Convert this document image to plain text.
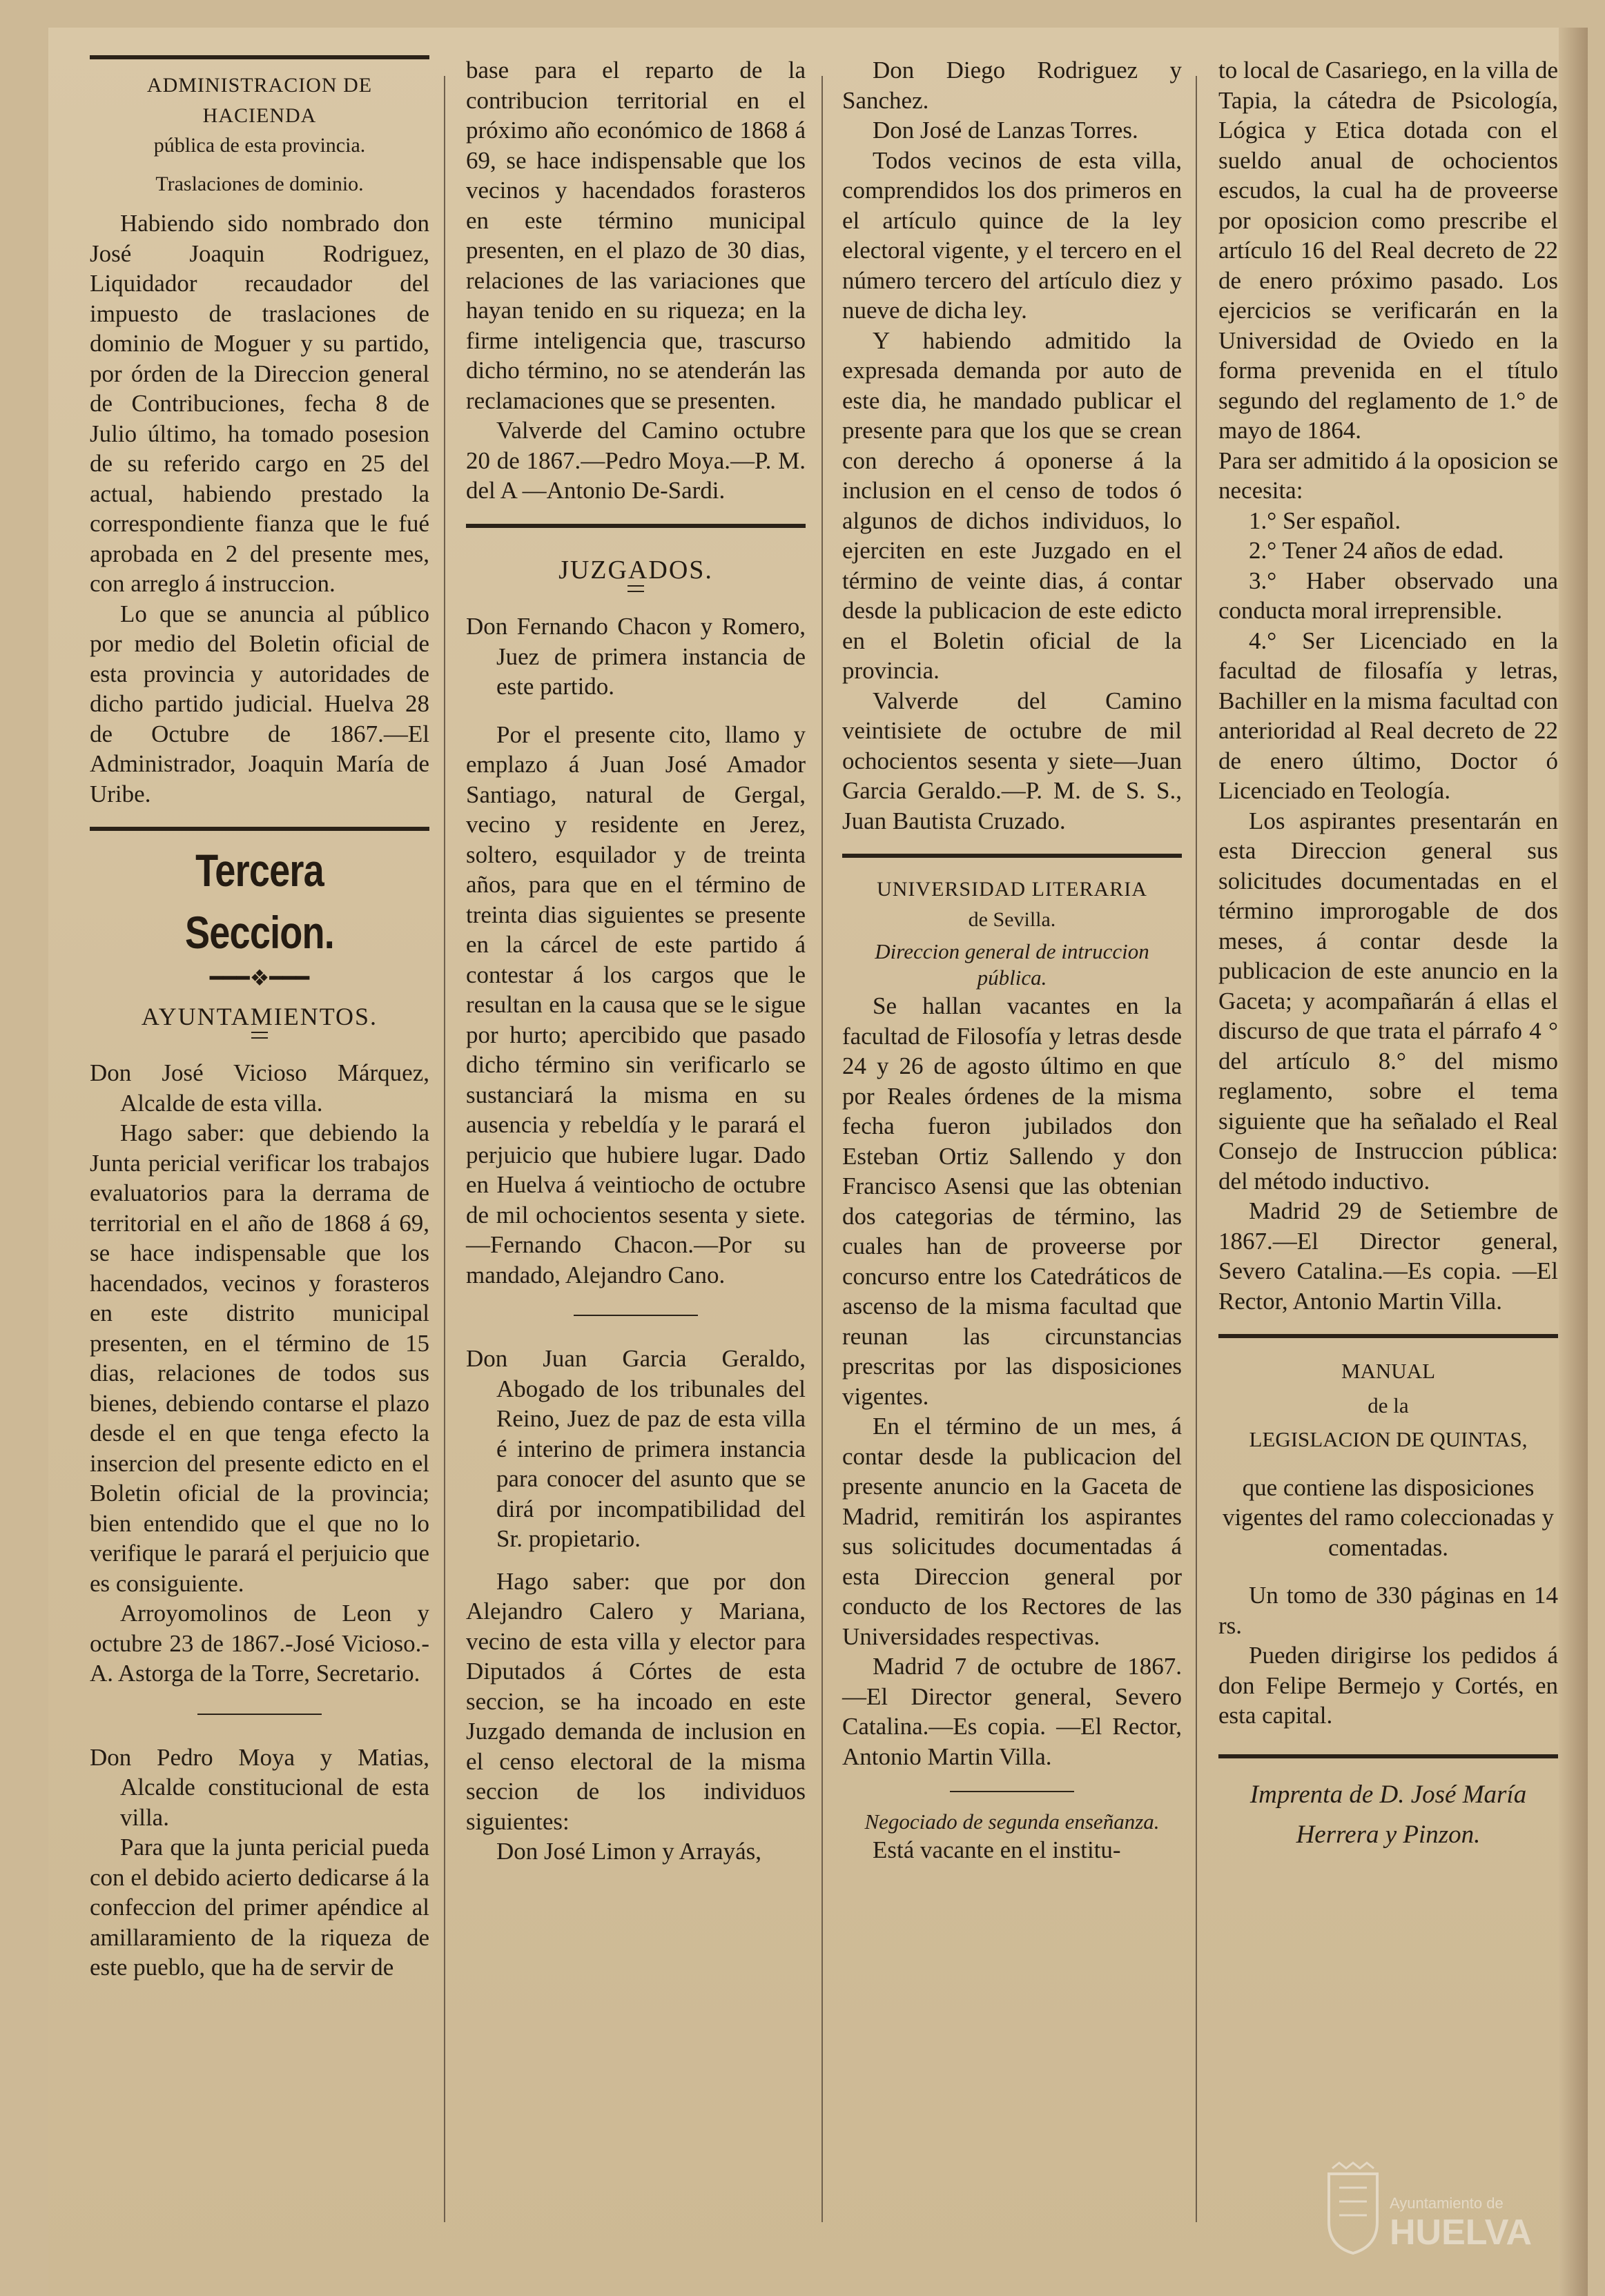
ADMINISTRACION DE HACIENDA

pública de esta provincia.

Traslaciones de dominio.

Habiendo sido nombrado don José Joaquin Rodriguez, Liquidador recaudador del impuesto de traslaciones de dominio de Moguer y su partido, por órden de la Direccion general de Contribuciones, fecha 8 de Julio último, ha tomado posesion de su referido cargo en 25 del actual, habiendo prestado la correspondiente fianza que le fué aprobada en 2 del presente mes, con arreglo á instruccion.

Lo que se anuncia al público por medio del Boletin oficial de esta provincia y autoridades de dicho partido judicial. Huelva 28 de Octubre de 1867.—El Administrador, Joaquin María de Uribe.

Tercera Seccion.

━━━❖━━━

AYUNTAMIENTOS.

Don José Vicioso Márquez, Alcalde de esta villa.

Hago saber: que debiendo la Junta pericial verificar los trabajos evaluatorios para la derrama de territorial en el año de 1868 á 69, se hace indispensable que los hacendados, vecinos y forasteros en este distrito municipal presenten, en el término de 15 dias, relaciones de todos sus bienes, debiendo contarse el plazo desde el en que tenga efecto la insercion del presente edicto en el Boletin oficial de la provincia; bien entendido que el que no lo verifique le parará el perjuicio que es consiguiente.

Arroyomolinos de Leon y octubre 23 de 1867.-José Vicioso.-A. Astorga de la Torre, Secretario.

Don Pedro Moya y Matias, Alcalde constitucional de esta villa.

Para que la junta pericial pueda con el debido acierto dedicarse á la confeccion del primer apéndice al amillaramiento de la riqueza de este pueblo, que ha de servir de

base para el reparto de la contribucion territorial en el próximo año económico de 1868 á 69, se hace indispensable que los vecinos y hacendados forasteros en este término municipal presenten, en el plazo de 30 dias, relaciones de las variaciones que hayan tenido en su riqueza; en la firme inteligencia que, trascurso dicho término, no se atenderán las reclamaciones que se presenten.

Valverde del Camino octubre 20 de 1867.—Pedro Moya.—P. M. del A —Antonio De-Sardi.

JUZGADOS.

Don Fernando Chacon y Romero, Juez de primera instancia de este partido.

Por el presente cito, llamo y emplazo á Juan José Amador Santiago, natural de Gergal, vecino y residente en Jerez, soltero, esquilador y de treinta años, para que en el término de treinta dias siguientes se presente en la cárcel de este partido á contestar á los cargos que le resultan en la causa que se le sigue por hurto; apercibido que pasado dicho término sin verificarlo se sustanciará la misma en su ausencia y rebeldía y le parará el perjuicio que hubiere lugar. Dado en Huelva á veintiocho de octubre de mil ochocientos sesenta y siete.—Fernando Chacon.—Por su mandado, Alejandro Cano.

Don Juan Garcia Geraldo, Abogado de los tribunales del Reino, Juez de paz de esta villa é interino de primera instancia para conocer del asunto que se dirá por incompatibilidad del Sr. propietario.

Hago saber: que por don Alejandro Calero y Mariana, vecino de esta villa y elector para Diputados á Córtes de esta seccion, se ha incoado en este Juzgado demanda de inclusion en el censo electoral de la misma seccion de los individuos siguientes:

Don José Limon y Arrayás,

Don Diego Rodriguez y Sanchez.

Don José de Lanzas Torres.

Todos vecinos de esta villa, comprendidos los dos primeros en el artículo quince de la ley electoral vigente, y el tercero en el número tercero del artículo diez y nueve de dicha ley.

Y habiendo admitido la expresada demanda por auto de este dia, he mandado publicar el presente para que los que se crean con derecho á oponerse á la inclusion en el censo de todos ó algunos de dichos individuos, lo ejerciten en este Juzgado en el término de veinte dias, á contar desde la publicacion de este edicto en el Boletin oficial de la provincia.

Valverde del Camino veintisiete de octubre de mil ochocientos sesenta y siete—Juan Garcia Geraldo.—P. M. de S. S., Juan Bautista Cruzado.

UNIVERSIDAD LITERARIA

de Sevilla.

Direccion general de intruccion pública.

Se hallan vacantes en la facultad de Filosofía y letras desde 24 y 26 de agosto último en que por Reales órdenes de la misma fecha fueron jubilados don Esteban Ortiz Sallendo y don Francisco Asensi que las obtenian dos categorias de término, las cuales han de proveerse por concurso entre los Catedráticos de ascenso de la misma facultad que reunan las circunstancias prescritas por las disposiciones vigentes.

En el término de un mes, á contar desde la publicacion del presente anuncio en la Gaceta de Madrid, remitirán los aspirantes sus solicitudes documentadas á esta Direccion general por conducto de los Rectores de las Universidades respectivas.

Madrid 7 de octubre de 1867.—El Director general, Severo Catalina.—Es copia. —El Rector, Antonio Martin Villa.

Negociado de segunda enseñanza.

Está vacante en el institu-

to local de Casariego, en la villa de Tapia, la cátedra de Psicología, Lógica y Etica dotada con el sueldo anual de ochocientos escudos, la cual ha de proveerse por oposicion como prescribe el artículo 16 del Real decreto de 22 de enero próximo pasado. Los ejercicios se verificarán en la Universidad de Oviedo en la forma prevenida en el título segundo del reglamento de 1.° de mayo de 1864.

Para ser admitido á la oposicion se necesita:

1.° Ser español.

2.° Tener 24 años de edad.

3.° Haber observado una conducta moral irreprensible.

4.° Ser Licenciado en la facultad de filosafía y letras, Bachiller en la misma facultad con anterioridad al Real decreto de 22 de enero último, Doctor ó Licenciado en Teología.

Los aspirantes presentarán en esta Direccion general sus solicitudes documentadas en el término improrogable de dos meses, á contar desde la publicacion de este anuncio en la Gaceta; y acompañarán á ellas el discurso de que trata el párrafo 4 ° del artículo 8.° del mismo reglamento, sobre el tema siguiente que ha señalado el Real Consejo de Instruccion pública: del método inductivo.

Madrid 29 de Setiembre de 1867.—El Director general, Severo Catalina.—Es copia. —El Rector, Antonio Martin Villa.

MANUAL

de la

LEGISLACION DE QUINTAS,

que contiene las disposiciones vigentes del ramo coleccionadas y comentadas.

Un tomo de 330 páginas en 14 rs.

Pueden dirigirse los pedidos á don Felipe Bermejo y Cortés, en esta capital.

Imprenta de D. José María

Herrera y Pinzon.

Ayuntamiento de
HUELVA
